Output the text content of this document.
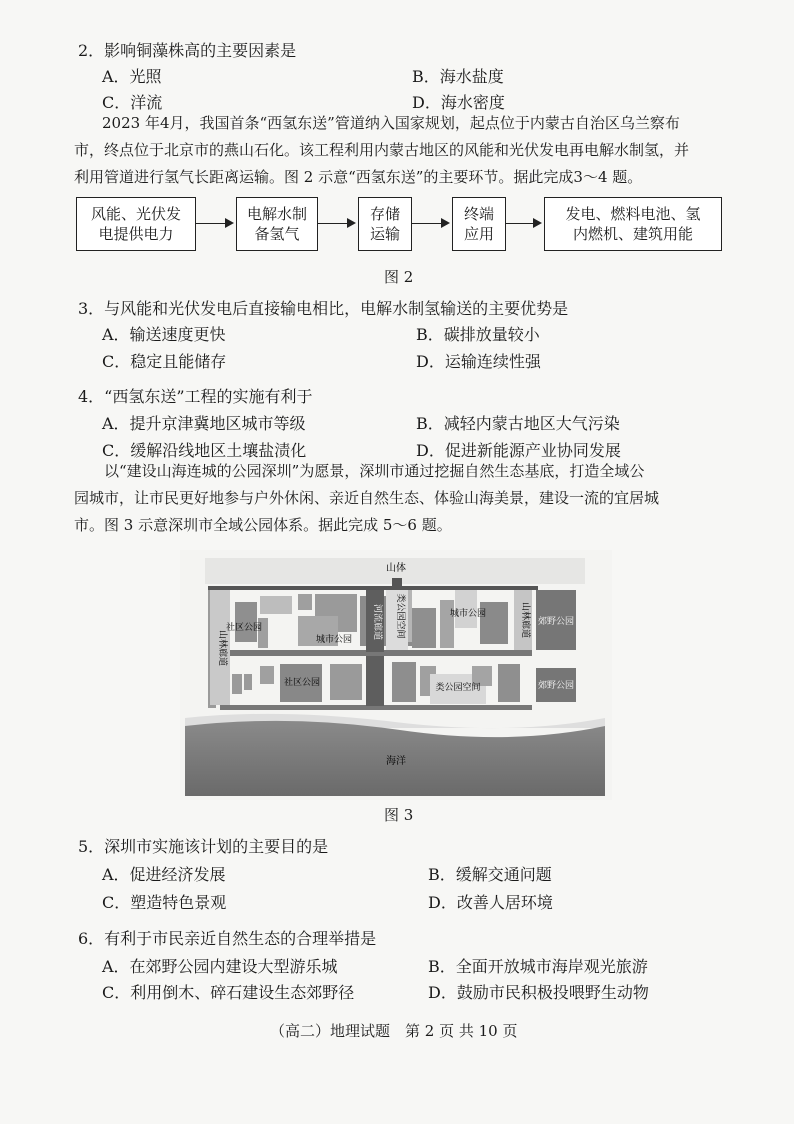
2．影响铜藻株高的主要因素是
A．光照	B．海水盐度
C．洋流	D．海水密度

2023 年4月，我国首条“西氢东送”管道纳入国家规划，起点位于内蒙古自治区乌兰察布

市，终点位于北京市的燕山石化。该工程利用内蒙古地区的风能和光伏发电再电解水制氢，并

利用管道进行氢气长距离运输。图 2 示意“西氢东送”的主要环节。据此完成3～4 题。

风能、光伏发
电提供电力
电解水制
备氢气
存储
运输
终端
应用
发电、燃料电池、氢
内燃机、建筑用能
图 2
3．与风能和光伏发电后直接输电相比，电解水制氢输送的主要优势是
A．输送速度更快	B．碳排放量较小
C．稳定且能储存	D．运输连续性强
4．“西氢东送”工程的实施有利于
A．提升京津冀地区城市等级	B．减轻内蒙古地区大气污染
C．缓解沿线地区土壤盐渍化	D．促进新能源产业协同发展

以“建设山海连城的公园深圳”为愿景，深圳市通过挖掘自然生态基底，打造全域公

园城市，让市民更好地参与户外休闲、亲近自然生态、体验山海美景，建设一流的宜居城

市。图 3 示意深圳市全域公园体系。据此完成 5～6 题。

山体
社区公园
城市公园
类公园空间
河流廊道	城市公园
山林廊道
山林廊道 郊野公园
社区公园	类公园空间	郊野公园
海洋
图 3
5．深圳市实施该计划的主要目的是
A．促进经济发展	B．缓解交通问题
C．塑造特色景观	D．改善人居环境
6．有利于市民亲近自然生态的合理举措是
A．在郊野公园内建设大型游乐城	B．全面开放城市海岸观光旅游
C．利用倒木、碎石建设生态郊野径	D．鼓励市民积极投喂野生动物
（高二）地理试题　第 2 页 共 10 页
